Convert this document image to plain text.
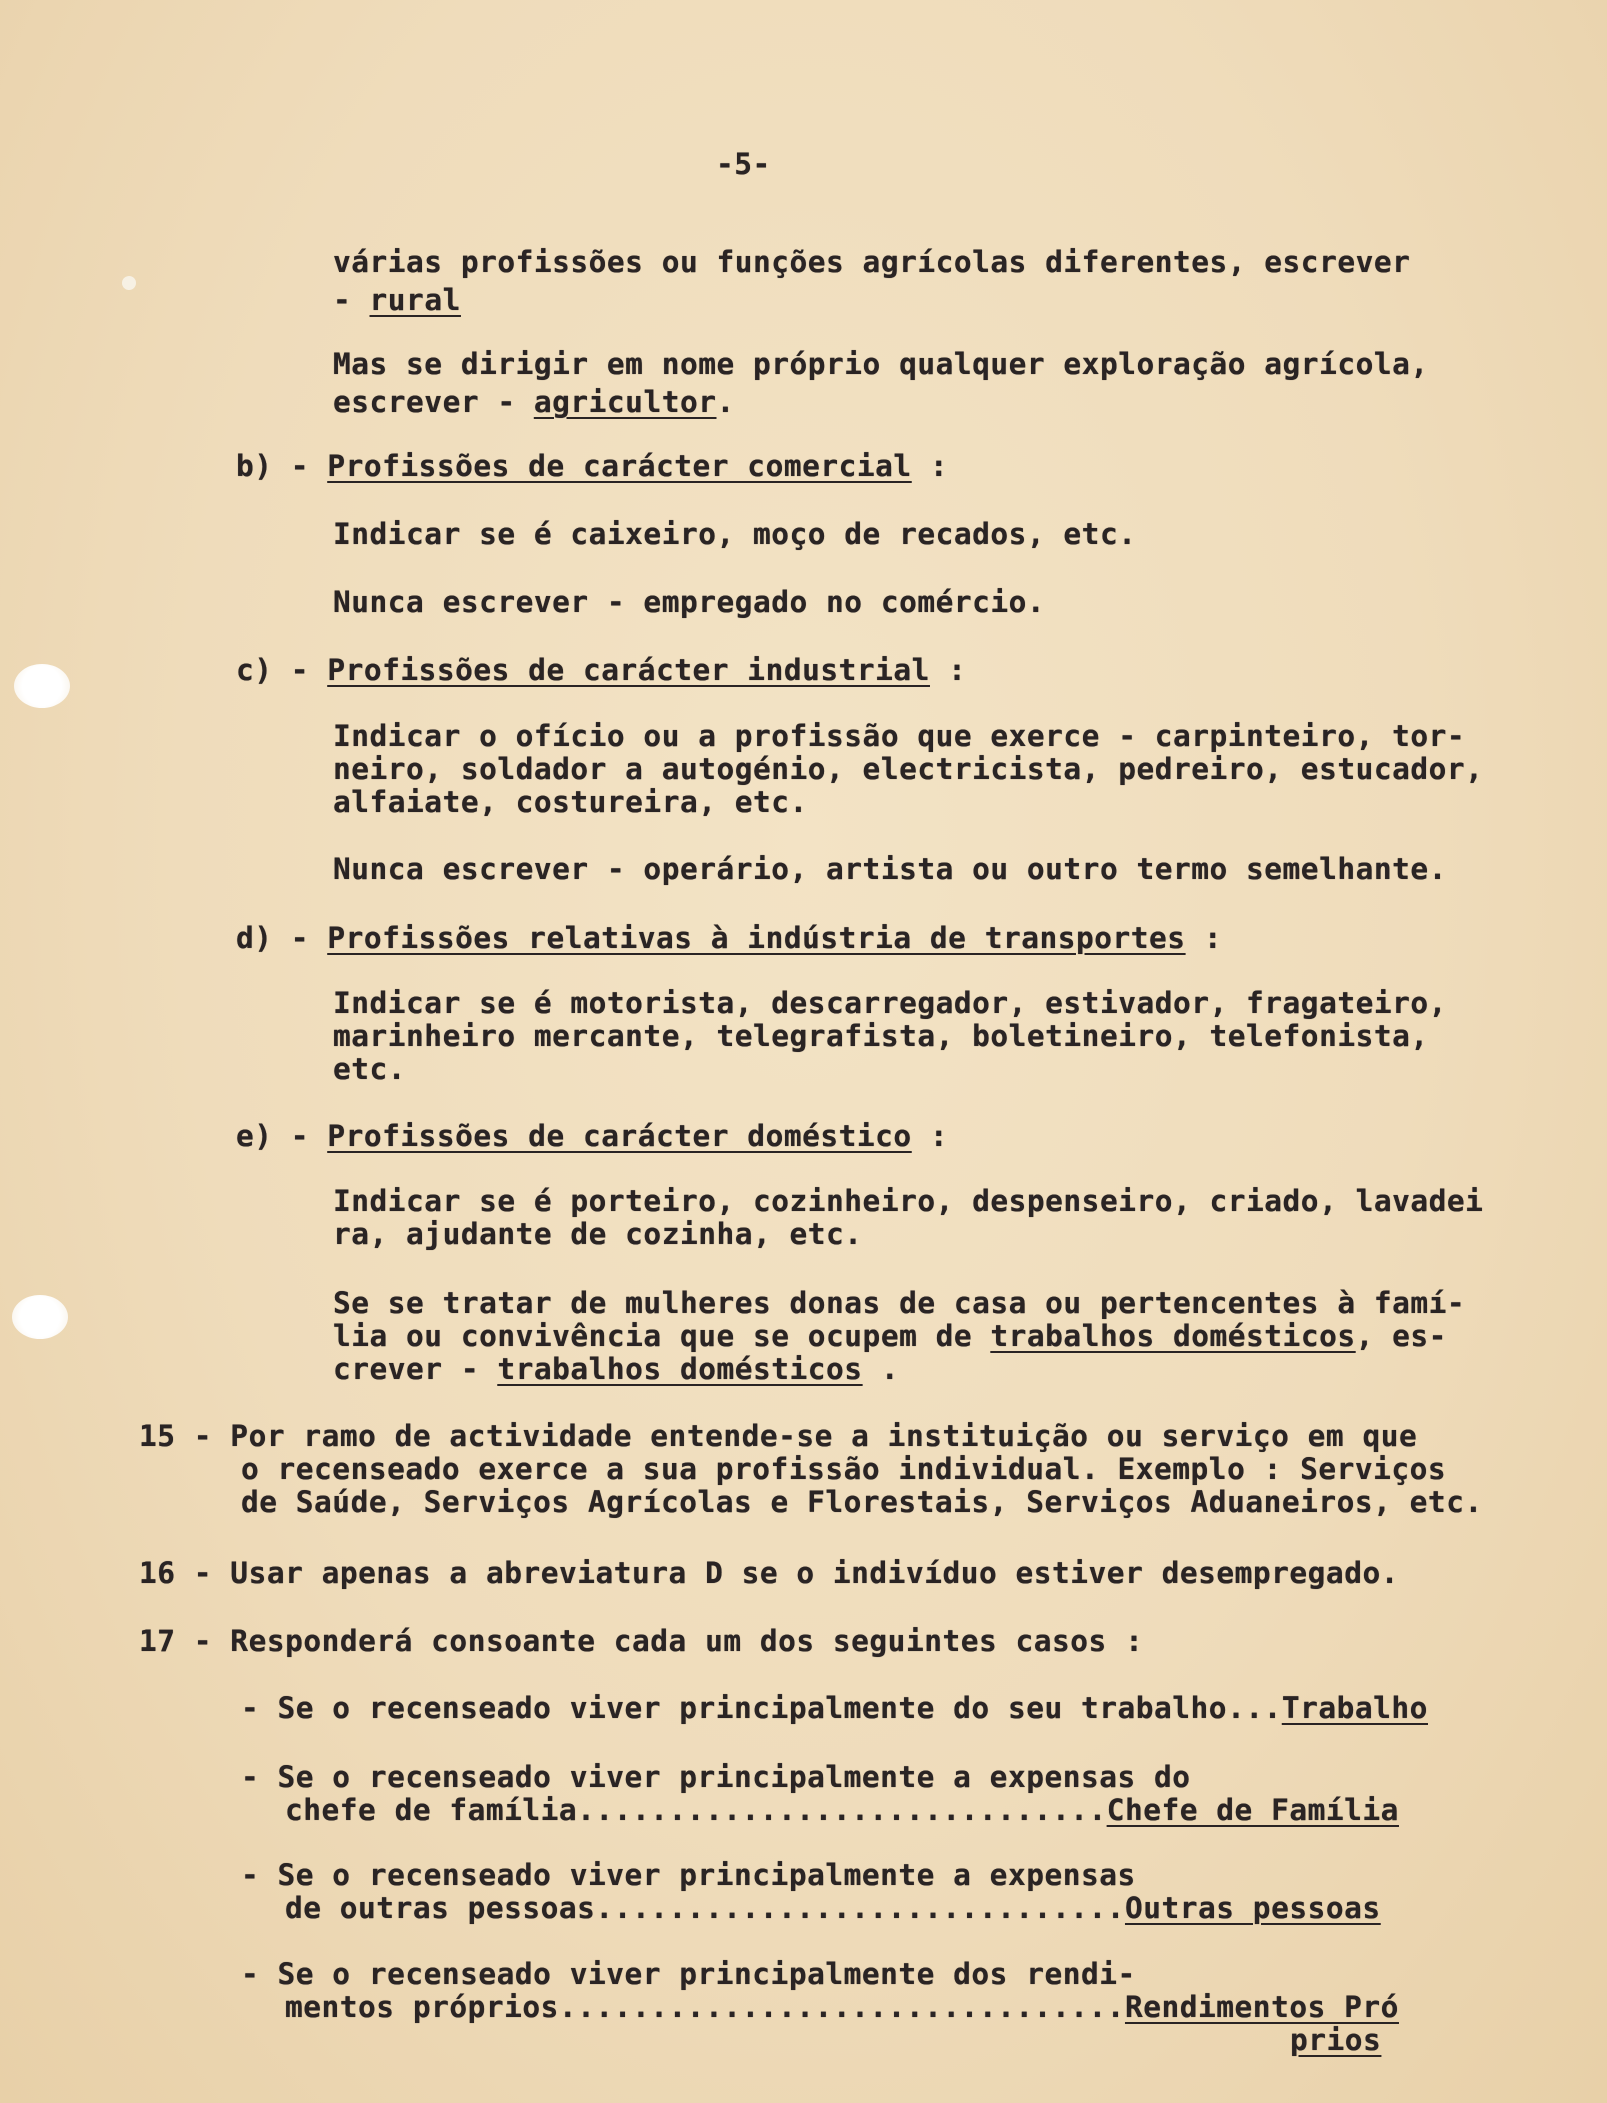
-5-
várias profissões ou funções agrícolas diferentes, escrever
- rural
Mas se dirigir em nome próprio qualquer exploração agrícola,
escrever - agricultor.
b) - Profissões de carácter comercial :
Indicar se é caixeiro, moço de recados, etc.
Nunca escrever - empregado no comércio.
c) - Profissões de carácter industrial :
Indicar o ofício ou a profissão que exerce - carpinteiro, tor-
neiro, soldador a autogénio, electricista, pedreiro, estucador,
alfaiate, costureira, etc.
Nunca escrever - operário, artista ou outro termo semelhante.
d) - Profissões relativas à indústria de transportes :
Indicar se é motorista, descarregador, estivador, fragateiro,
marinheiro mercante, telegrafista, boletineiro, telefonista,
etc.
e) - Profissões de carácter doméstico :
Indicar se é porteiro, cozinheiro, despenseiro, criado, lavadei
ra, ajudante de cozinha, etc.
Se se tratar de mulheres donas de casa ou pertencentes à famí-
lia ou convivência que se ocupem de trabalhos domésticos, es-
crever - trabalhos domésticos .
15 - Por ramo de actividade entende-se a instituição ou serviço em que
o recenseado exerce a sua profissão individual. Exemplo : Serviços
de Saúde, Serviços Agrícolas e Florestais, Serviços Aduaneiros, etc.
16 - Usar apenas a abreviatura D se o indivíduo estiver desempregado.
17 - Responderá consoante cada um dos seguintes casos :
- Se o recenseado viver principalmente do seu trabalho...Trabalho
- Se o recenseado viver principalmente a expensas do
chefe de família.............................Chefe de Família
- Se o recenseado viver principalmente a expensas
de outras pessoas.............................Outras pessoas
- Se o recenseado viver principalmente dos rendi-
mentos próprios...............................Rendimentos Pró
prios
